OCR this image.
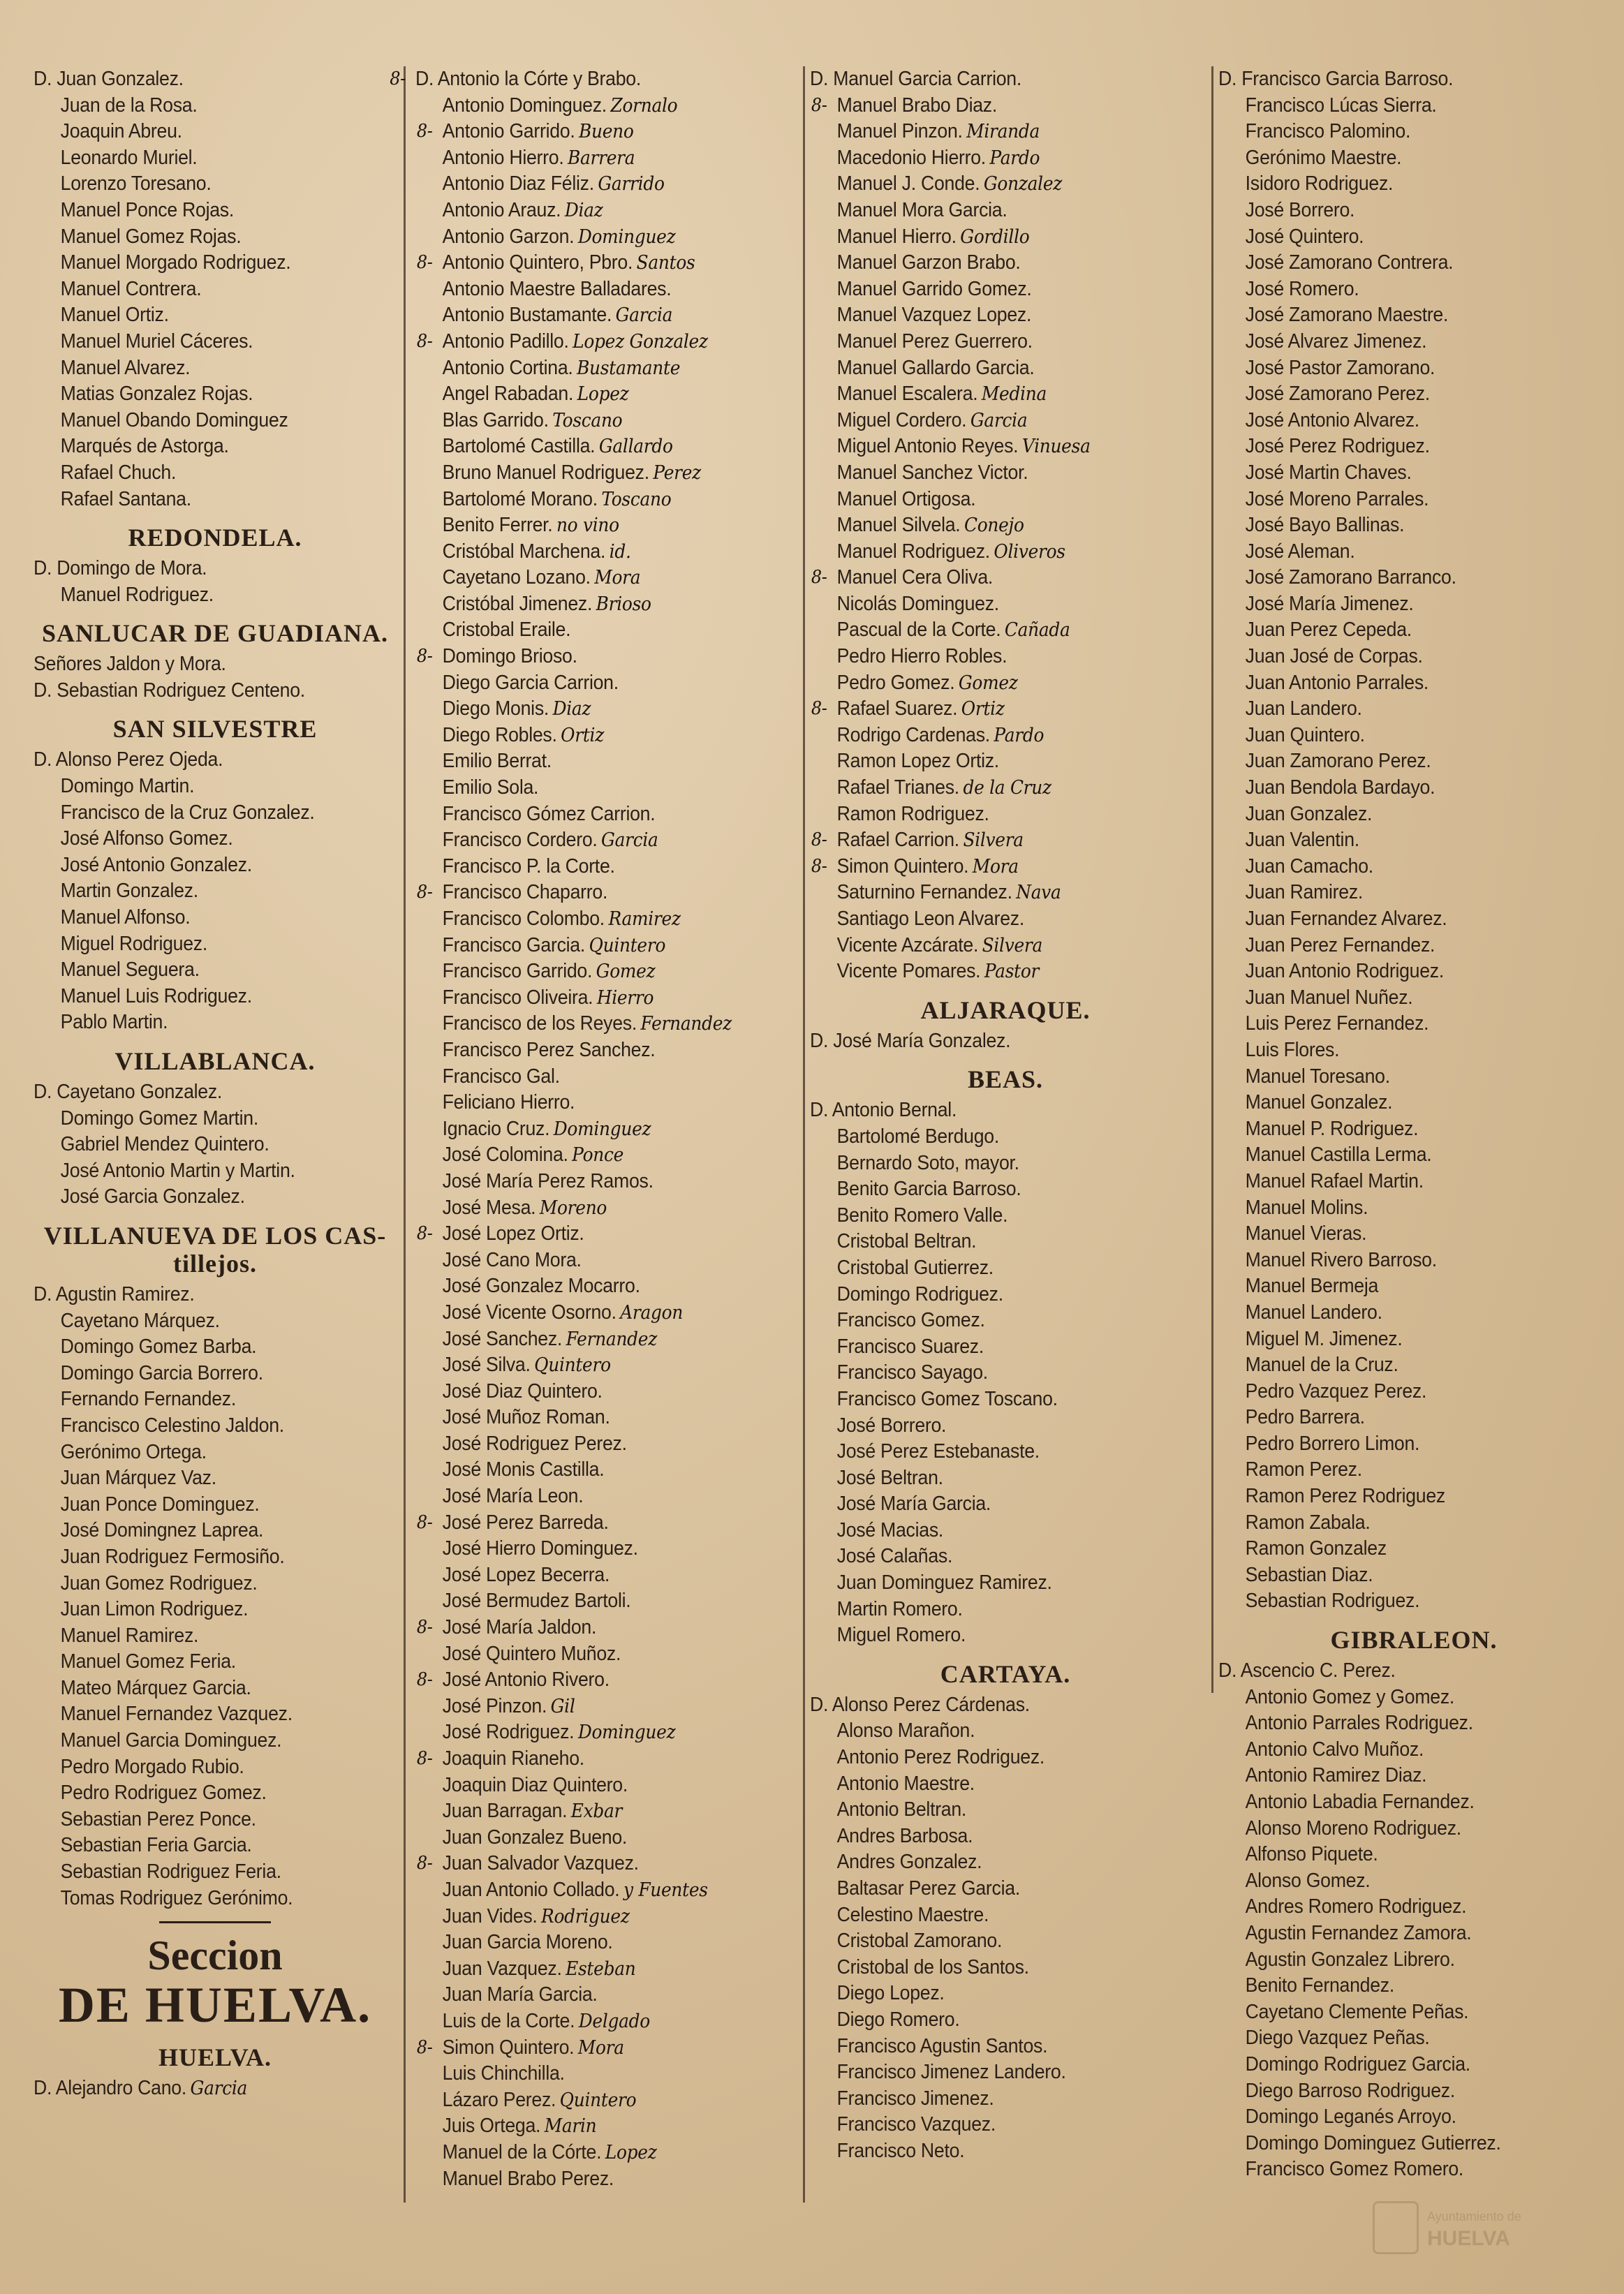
D. Juan Gonzalez.
Juan de la Rosa.
Joaquin Abreu.
Leonardo Muriel.
Lorenzo Toresano.
Manuel Ponce Rojas.
Manuel Gomez Rojas.
Manuel Morgado Rodriguez.
Manuel Contrera.
Manuel Ortiz.
Manuel Muriel Cáceres.
Manuel Alvarez.
Matias Gonzalez Rojas.
Manuel Obando Dominguez
Marqués de Astorga.
Rafael Chuch.
Rafael Santana.
REDONDELA.
D. Domingo de Mora.
Manuel Rodriguez.
SANLUCAR DE GUADIANA.
Señores Jaldon y Mora.
D. Sebastian Rodriguez Centeno.
SAN SILVESTRE
D. Alonso Perez Ojeda.
Domingo Martin.
Francisco de la Cruz Gonzalez.
José Alfonso Gomez.
José Antonio Gonzalez.
Martin Gonzalez.
Manuel Alfonso.
Miguel Rodriguez.
Manuel Seguera.
Manuel Luis Rodriguez.
Pablo Martin.
VILLABLANCA.
D. Cayetano Gonzalez.
Domingo Gomez Martin.
Gabriel Mendez Quintero.
José Antonio Martin y Martin.
José Garcia Gonzalez.
VILLANUEVA DE LOS CAS- tillejos.
D. Agustin Ramirez.
Cayetano Márquez.
Domingo Gomez Barba.
Domingo Garcia Borrero.
Fernando Fernandez.
Francisco Celestino Jaldon.
Gerónimo Ortega.
Juan Márquez Vaz.
Juan Ponce Dominguez.
José Domingnez Laprea.
Juan Rodriguez Fermosiño.
Juan Gomez Rodriguez.
Juan Limon Rodriguez.
Manuel Ramirez.
Manuel Gomez Feria.
Mateo Márquez Garcia.
Manuel Fernandez Vazquez.
Manuel Garcia Dominguez.
Pedro Morgado Rubio.
Pedro Rodriguez Gomez.
Sebastian Perez Ponce.
Sebastian Feria Garcia.
Sebastian Rodriguez Feria.
Tomas Rodriguez Gerónimo.
Seccion
DE HUELVA.
HUELVA.
D. Alejandro Cano. Garcia
8- D. Antonio la Córte y Brabo.
Antonio Dominguez. Zornalo
8- Antonio Garrido. Bueno
Antonio Hierro. Barrera
Antonio Diaz Féliz. Garrido
Antonio Arauz. Diaz
Antonio Garzon. Dominguez
8- Antonio Quintero, Pbro. Santos
Antonio Maestre Balladares.
Antonio Bustamante. Garcia
8- Antonio Padillo. Lopez Gonzalez
Antonio Cortina. Bustamante
Angel Rabadan. Lopez
Blas Garrido. Toscano
Bartolomé Castilla. Gallardo
Bruno Manuel Rodriguez. Perez
Bartolomé Morano. Toscano
Benito Ferrer. no vino
Cristóbal Marchena. id.
Cayetano Lozano. Mora
Cristóbal Jimenez. Brioso
Cristobal Eraile.
8- Domingo Brioso.
Diego Garcia Carrion.
Diego Monis. Diaz
Diego Robles. Ortiz
Emilio Berrat.
Emilio Sola.
Francisco Gómez Carrion.
Francisco Cordero. Garcia
Francisco P. la Corte.
8- Francisco Chaparro.
Francisco Colombo. Ramirez
Francisco Garcia. Quintero
Francisco Garrido. Gomez
Francisco Oliveira. Hierro
Francisco de los Reyes. Fernandez
Francisco Perez Sanchez.
Francisco Gal.
Feliciano Hierro.
Ignacio Cruz. Dominguez
José Colomina. Ponce
José María Perez Ramos.
José Mesa. Moreno
8- José Lopez Ortiz.
José Cano Mora.
José Gonzalez Mocarro.
José Vicente Osorno. Aragon
José Sanchez. Fernandez
José Silva. Quintero
José Diaz Quintero.
José Muñoz Roman.
José Rodriguez Perez.
José Monis Castilla.
José María Leon.
8- José Perez Barreda.
José Hierro Dominguez.
José Lopez Becerra.
José Bermudez Bartoli.
8- José María Jaldon.
José Quintero Muñoz.
8- José Antonio Rivero.
José Pinzon. Gil
José Rodriguez. Dominguez
8- Joaquin Rianeho.
Joaquin Diaz Quintero.
Juan Barragan. Exbar
Juan Gonzalez Bueno.
8- Juan Salvador Vazquez.
Juan Antonio Collado. y Fuentes
Juan Vides. Rodriguez
Juan Garcia Moreno.
Juan Vazquez. Esteban
Juan María Garcia.
Luis de la Corte. Delgado
8- Simon Quintero. Mora
Luis Chinchilla.
Lázaro Perez. Quintero
Juis Ortega. Marin
Manuel de la Córte. Lopez
Manuel Brabo Perez.
D. Manuel Garcia Carrion.
8- Manuel Brabo Diaz.
Manuel Pinzon. Miranda
Macedonio Hierro. Pardo
Manuel J. Conde. Gonzalez
Manuel Mora Garcia.
Manuel Hierro. Gordillo
Manuel Garzon Brabo.
Manuel Garrido Gomez.
Manuel Vazquez Lopez.
Manuel Perez Guerrero.
Manuel Gallardo Garcia.
Manuel Escalera. Medina
Miguel Cordero. Garcia
Miguel Antonio Reyes. Vinuesa
Manuel Sanchez Victor.
Manuel Ortigosa.
Manuel Silvela. Conejo
Manuel Rodriguez. Oliveros
8- Manuel Cera Oliva.
Nicolás Dominguez.
Pascual de la Corte. Cañada
Pedro Hierro Robles.
Pedro Gomez. Gomez
8- Rafael Suarez. Ortiz
Rodrigo Cardenas. Pardo
Ramon Lopez Ortiz.
Rafael Trianes. de la Cruz
Ramon Rodriguez.
8- Rafael Carrion. Silvera
8- Simon Quintero. Mora
Saturnino Fernandez. Nava
Santiago Leon Alvarez.
Vicente Azcárate. Silvera
Vicente Pomares. Pastor
ALJARAQUE.
D. José María Gonzalez.
BEAS.
D. Antonio Bernal.
Bartolomé Berdugo.
Bernardo Soto, mayor.
Benito Garcia Barroso.
Benito Romero Valle.
Cristobal Beltran.
Cristobal Gutierrez.
Domingo Rodriguez.
Francisco Gomez.
Francisco Suarez.
Francisco Sayago.
Francisco Gomez Toscano.
José Borrero.
José Perez Estebanaste.
José Beltran.
José María Garcia.
José Macias.
José Calañas.
Juan Dominguez Ramirez.
Martin Romero.
Miguel Romero.
CARTAYA.
D. Alonso Perez Cárdenas.
Alonso Marañon.
Antonio Perez Rodriguez.
Antonio Maestre.
Antonio Beltran.
Andres Barbosa.
Andres Gonzalez.
Baltasar Perez Garcia.
Celestino Maestre.
Cristobal Zamorano.
Cristobal de los Santos.
Diego Lopez.
Diego Romero.
Francisco Agustin Santos.
Francisco Jimenez Landero.
Francisco Jimenez.
Francisco Vazquez.
Francisco Neto.
D. Francisco Garcia Barroso.
Francisco Lúcas Sierra.
Francisco Palomino.
Gerónimo Maestre.
Isidoro Rodriguez.
José Borrero.
José Quintero.
José Zamorano Contrera.
José Romero.
José Zamorano Maestre.
José Alvarez Jimenez.
José Pastor Zamorano.
José Zamorano Perez.
José Antonio Alvarez.
José Perez Rodriguez.
José Martin Chaves.
José Moreno Parrales.
José Bayo Ballinas.
José Aleman.
José Zamorano Barranco.
José María Jimenez.
Juan Perez Cepeda.
Juan José de Corpas.
Juan Antonio Parrales.
Juan Landero.
Juan Quintero.
Juan Zamorano Perez.
Juan Bendola Bardayo.
Juan Gonzalez.
Juan Valentin.
Juan Camacho.
Juan Ramirez.
Juan Fernandez Alvarez.
Juan Perez Fernandez.
Juan Antonio Rodriguez.
Juan Manuel Nuñez.
Luis Perez Fernandez.
Luis Flores.
Manuel Toresano.
Manuel Gonzalez.
Manuel P. Rodriguez.
Manuel Castilla Lerma.
Manuel Rafael Martin.
Manuel Molins.
Manuel Vieras.
Manuel Rivero Barroso.
Manuel Bermeja
Manuel Landero.
Miguel M. Jimenez.
Manuel de la Cruz.
Pedro Vazquez Perez.
Pedro Barrera.
Pedro Borrero Limon.
Ramon Perez.
Ramon Perez Rodriguez
Ramon Zabala.
Ramon Gonzalez
Sebastian Diaz.
Sebastian Rodriguez.
GIBRALEON.
D. Ascencio C. Perez.
Antonio Gomez y Gomez.
Antonio Parrales Rodriguez.
Antonio Calvo Muñoz.
Antonio Ramirez Diaz.
Antonio Labadia Fernandez.
Alonso Moreno Rodriguez.
Alfonso Piquete.
Alonso Gomez.
Andres Romero Rodriguez.
Agustin Fernandez Zamora.
Agustin Gonzalez Librero.
Benito Fernandez.
Cayetano Clemente Peñas.
Diego Vazquez Peñas.
Domingo Rodriguez Garcia.
Diego Barroso Rodriguez.
Domingo Leganés Arroyo.
Domingo Dominguez Gutierrez.
Francisco Gomez Romero.
Ayuntamiento de
HUELVA
